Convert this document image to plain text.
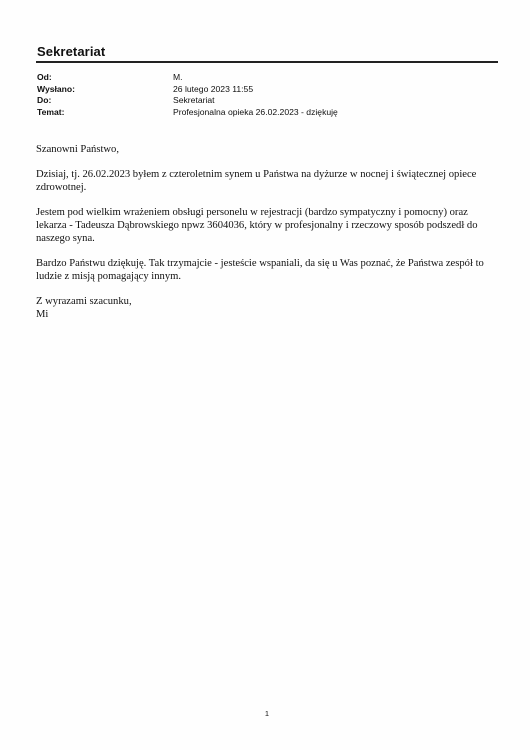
Sekretariat
Od:	M.
Wysłano:	26 lutego 2023 11:55
Do:	Sekretariat
Temat:	Profesjonalna opieka 26.02.2023 - dziękuję

Szanowni Państwo,

Dzisiaj, tj. 26.02.2023 byłem z czteroletnim synem u Państwa na dyżurze w nocnej i świątecznej opiece
zdrowotnej.

Jestem pod wielkim wrażeniem obsługi personelu w rejestracji (bardzo sympatyczny i pomocny) oraz
lekarza - Tadeusza Dąbrowskiego npwz 3604036, który w profesjonalny i rzeczowy sposób podszedł do
naszego syna.

Bardzo Państwu dziękuję. Tak trzymajcie - jesteście wspaniali, da się u Was poznać, że Państwa zespół to
ludzie z misją pomagający innym.

Z wyrazami szacunku,
Mi

1
